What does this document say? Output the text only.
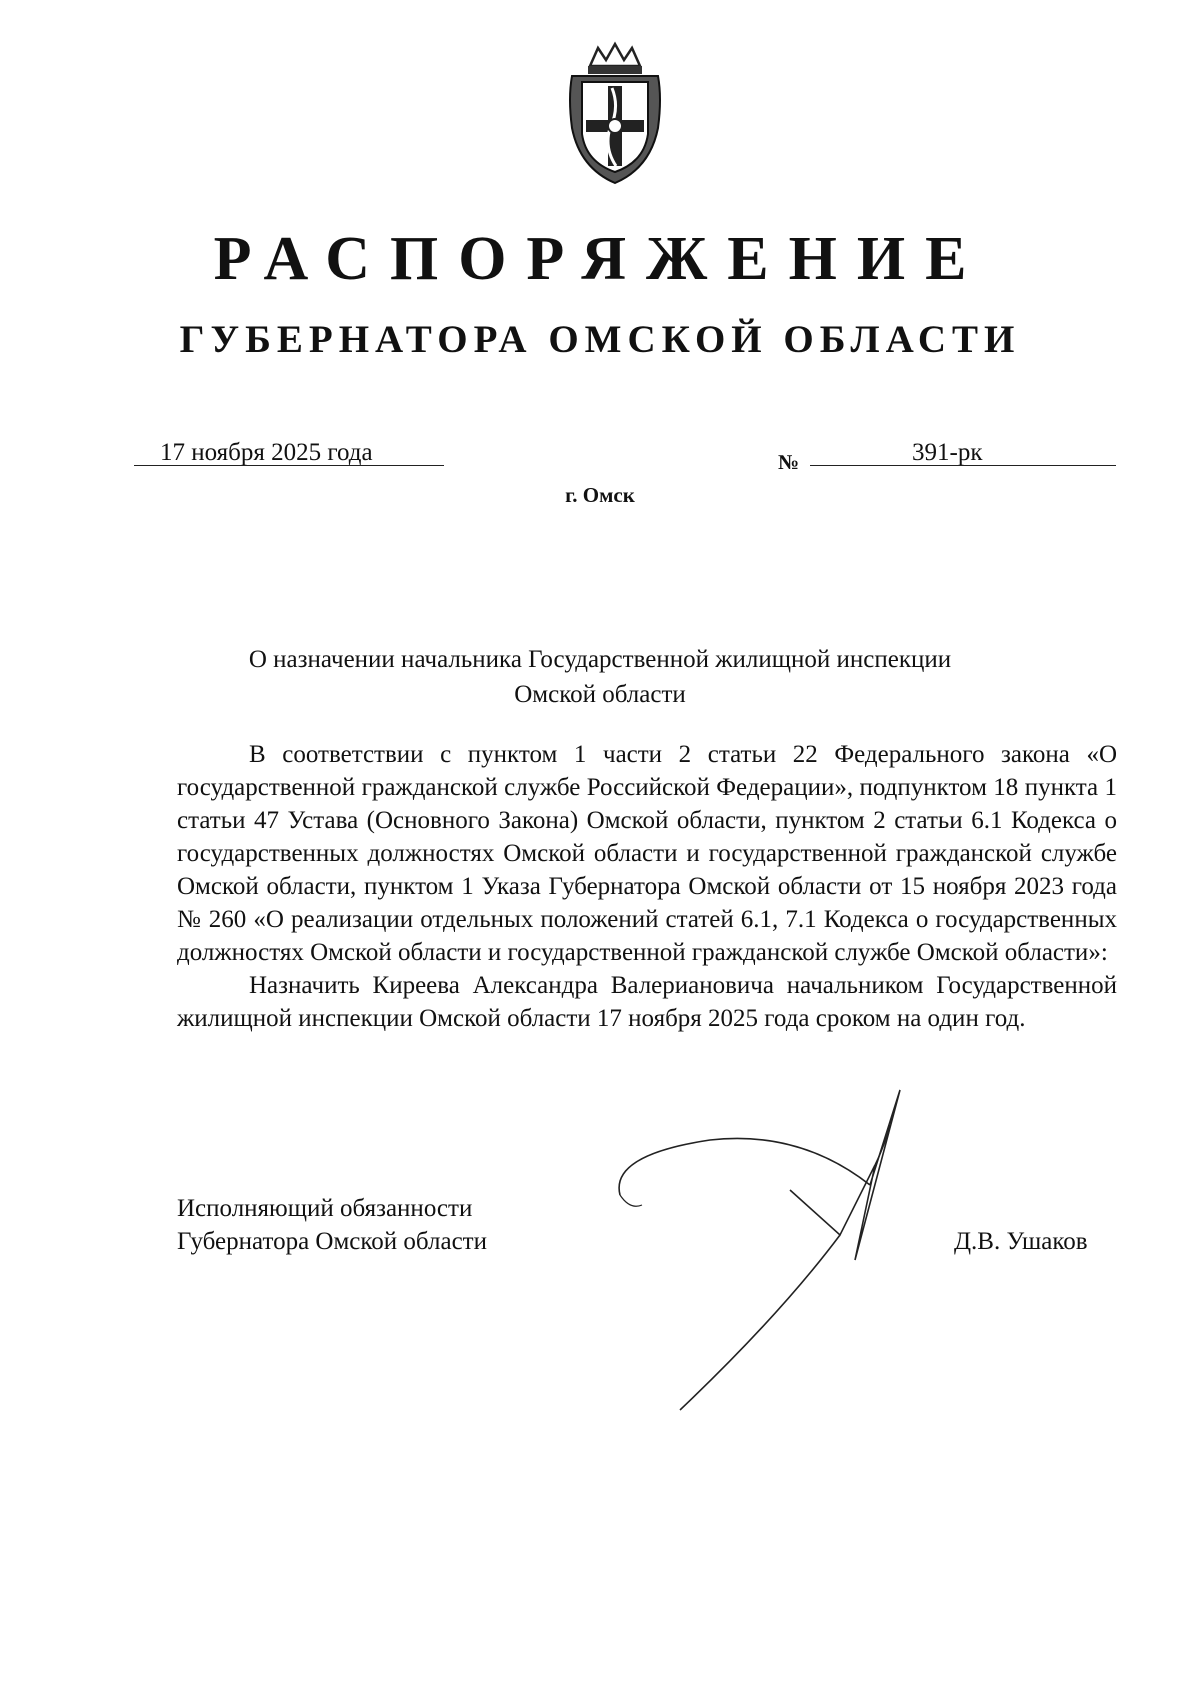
РАСПОРЯЖЕНИЕ
ГУБЕРНАТОРА ОМСКОЙ ОБЛАСТИ
17 ноября 2025 года	№	391-рк
г. Омск
О назначении начальника Государственной жилищной инспекции
Омской области

В соответствии с пунктом 1 части 2 статьи 22 Федерального закона «О государственной гражданской службе Российской Федерации», подпунктом 18 пункта 1 статьи 47 Устава (Основного Закона) Омской области, пунктом 2 статьи 6.1 Кодекса о государственных должностях Омской области и государственной гражданской службе Омской области, пунктом 1 Указа Губернатора Омской области от 15 ноября 2023 года № 260 «О реализации отдельных положений статей 6.1, 7.1 Кодекса о государственных должностях Омской области и государственной гражданской службе Омской области»:

Назначить Киреева Александра Валериановича начальником Государственной жилищной инспекции Омской области 17 ноября 2025 года сроком на один год.

Исполняющий обязанности
Губернатора Омской области	Д.В. Ушаков
